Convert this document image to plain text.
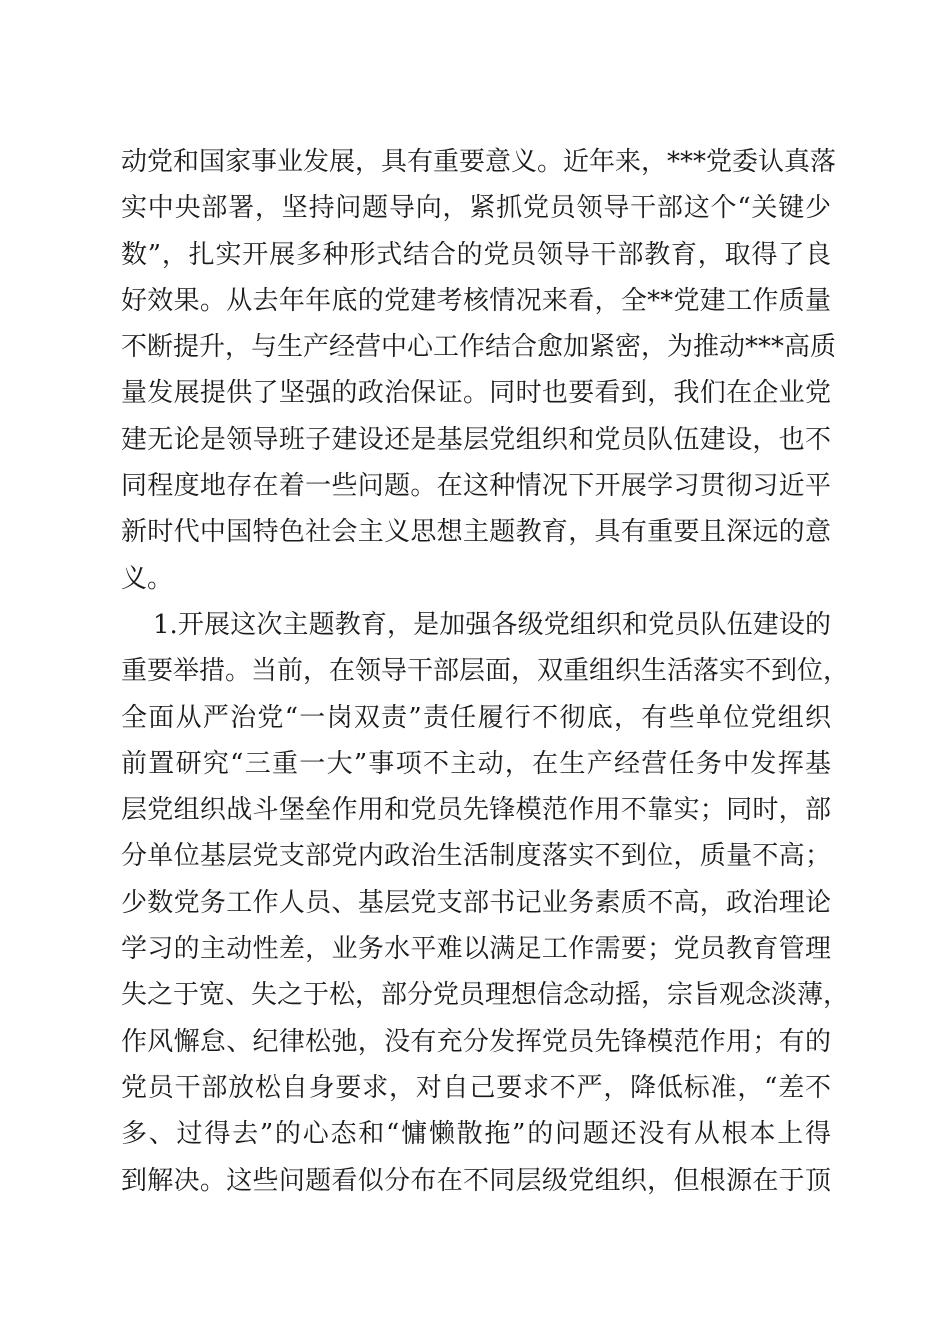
动党和国家事业发展，具有重要意义。近年来，***党委认真落
实中央部署，坚持问题导向，紧抓党员领导干部这个“关键少
数”，扎实开展多种形式结合的党员领导干部教育，取得了良
好效果。从去年年底的党建考核情况来看，全**党建工作质量
不断提升，与生产经营中心工作结合愈加紧密，为推动***高质
量发展提供了坚强的政治保证。同时也要看到，我们在企业党
建无论是领导班子建设还是基层党组织和党员队伍建设，也不
同程度地存在着一些问题。在这种情况下开展学习贯彻习近平
新时代中国特色社会主义思想主题教育，具有重要且深远的意
义。
1.开展这次主题教育，是加强各级党组织和党员队伍建设的
重要举措。当前，在领导干部层面，双重组织生活落实不到位，
全面从严治党“一岗双责”责任履行不彻底，有些单位党组织
前置研究“三重一大”事项不主动，在生产经营任务中发挥基
层党组织战斗堡垒作用和党员先锋模范作用不靠实；同时，部
分单位基层党支部党内政治生活制度落实不到位，质量不高；
少数党务工作人员、基层党支部书记业务素质不高，政治理论
学习的主动性差，业务水平难以满足工作需要；党员教育管理
失之于宽、失之于松，部分党员理想信念动摇，宗旨观念淡薄，
作风懈怠、纪律松弛，没有充分发挥党员先锋模范作用；有的
党员干部放松自身要求，对自己要求不严，降低标准，“差不
多、过得去”的心态和“慵懒散拖”的问题还没有从根本上得
到解决。这些问题看似分布在不同层级党组织，但根源在于顶
